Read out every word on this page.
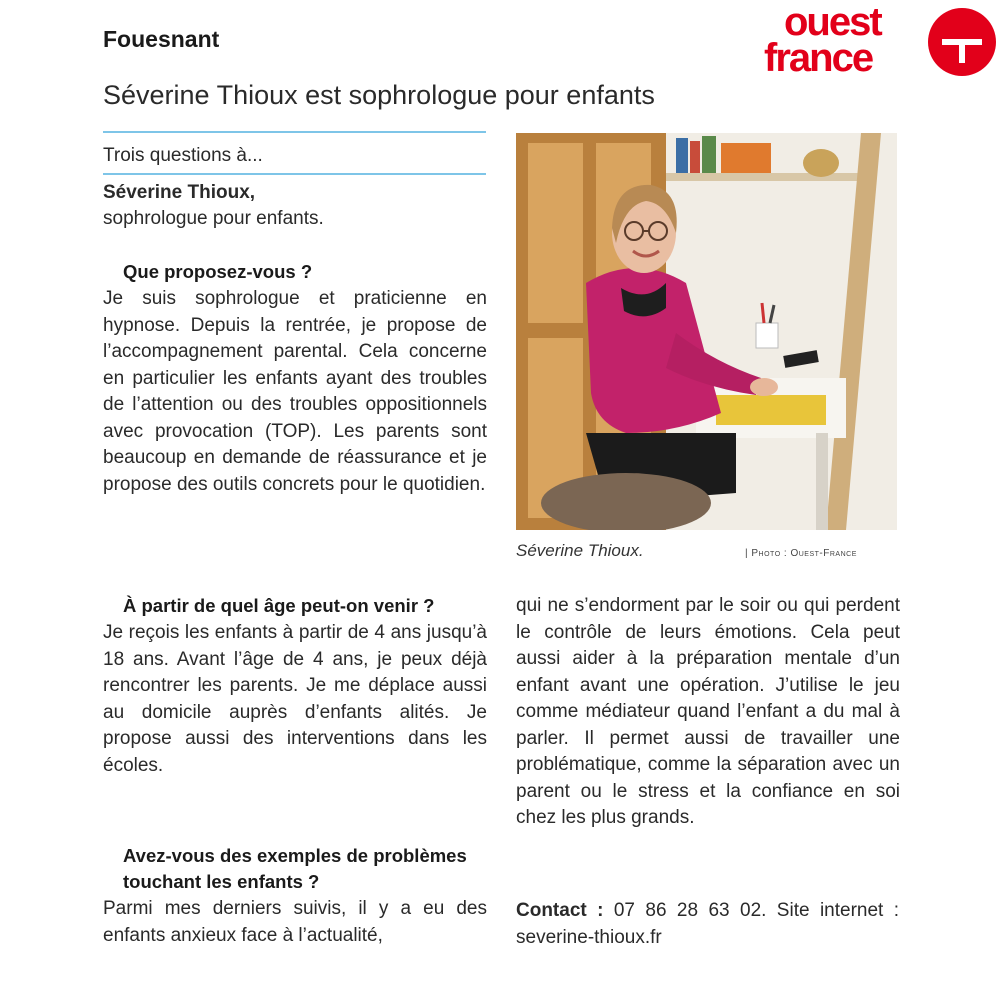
Fouesnant	ouest
france
Séverine Thioux est sophrologue pour enfants
Trois questions à...
Séverine Thioux,
sophrologue pour enfants.
Que proposez-vous ?
Je suis sophrologue et praticienne en hypnose. Depuis la rentrée, je propose de l’accompagnement parental. Cela concerne en particulier les enfants ayant des troubles de l’attention ou des troubles oppositionnels avec provocation (TOP). Les parents sont beaucoup en demande de réassurance et je propose des outils concrets pour le quotidien.
À partir de quel âge peut-on venir ?
Je reçois les enfants à partir de 4 ans jusqu’à 18 ans. Avant l’âge de 4 ans, je peux déjà rencontrer les parents. Je me déplace aussi au domicile auprès d’enfants alités. Je propose aussi des interventions dans les écoles.
Avez-vous des exemples de problèmes touchant les enfants ?
Parmi mes derniers suivis, il y a eu des enfants anxieux face à l’actualité,
Séverine Thioux.	| Photo : Ouest-France
qui ne s’endorment par le soir ou qui perdent le contrôle de leurs émotions. Cela peut aussi aider à la préparation mentale d’un enfant avant une opération. J’utilise le jeu comme médiateur quand l’enfant a du mal à parler. Il permet aussi de travailler une problématique, comme la séparation avec un parent ou le stress et la confiance en soi chez les plus grands.
Contact : 07 86 28 63 02. Site internet : severine-thioux.fr
